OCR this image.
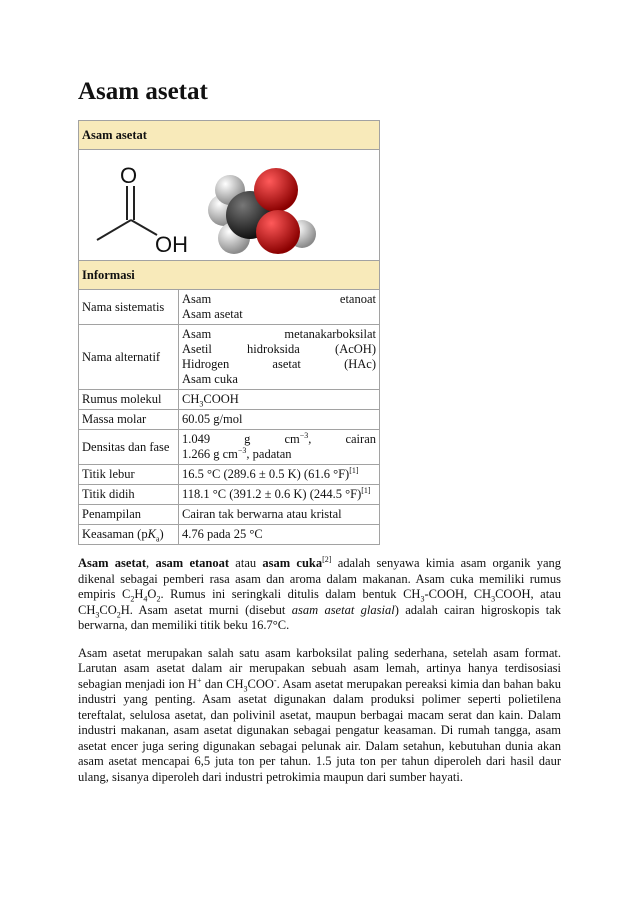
Asam asetat
Asam asetat	

O
OH	

Informasi	
Nama sistematis	Asam etanoat
Asam asetat
Nama alternatif	Asam metanakarboksilat
Asetil hidroksida (AcOH)
Hidrogen asetat (HAc)
Asam cuka
Rumus molekul	$CH_3COOH$
Massa molar	60.05 g/mol
Densitas dan fase	1.049 g $cm^{-3}$, cairan
1.266 g $cm^{-3}$, padatan
Titik lebur	16.5 °C (289.6 ± 0.5 K) (61.6 °F)[1]
Titik didih	118.1 °C (391.2 ± 0.6 K) (244.5 °F)[1]
Penampilan	Cairan tak berwarna atau kristal
Keasaman $(pK_a)$	4.76 pada 25 °C

Asam asetat, asam etanoat atau asam cuka[2] adalah senyawa kimia asam organik yang dikenal sebagai pemberi rasa asam dan aroma dalam makanan. Asam cuka memiliki rumus empiris $C_2H_4O_2$. Rumus ini seringkali ditulis dalam bentuk $CH_3$-COOH, $CH_3COOH$, atau $CH_3CO_2H$. Asam asetat murni (disebut asam asetat glasial) adalah cairan higroskopis tak berwarna, dan memiliki titik beku 16.7°C.

Asam asetat merupakan salah satu asam karboksilat paling sederhana, setelah asam format. Larutan asam asetat dalam air merupakan sebuah asam lemah, artinya hanya terdisosiasi sebagian menjadi ion H+ dan $CH_3COO^-$. Asam asetat merupakan pereaksi kimia dan bahan baku industri yang penting. Asam asetat digunakan dalam produksi polimer seperti polietilena tereftalat, selulosa asetat, dan polivinil asetat, maupun berbagai macam serat dan kain. Dalam industri makanan, asam asetat digunakan sebagai pengatur keasaman. Di rumah tangga, asam asetat encer juga sering digunakan sebagai pelunak air. Dalam setahun, kebutuhan dunia akan asam asetat mencapai 6,5 juta ton per tahun. 1.5 juta ton per tahun diperoleh dari hasil daur ulang, sisanya diperoleh dari industri petrokimia maupun dari sumber hayati.
